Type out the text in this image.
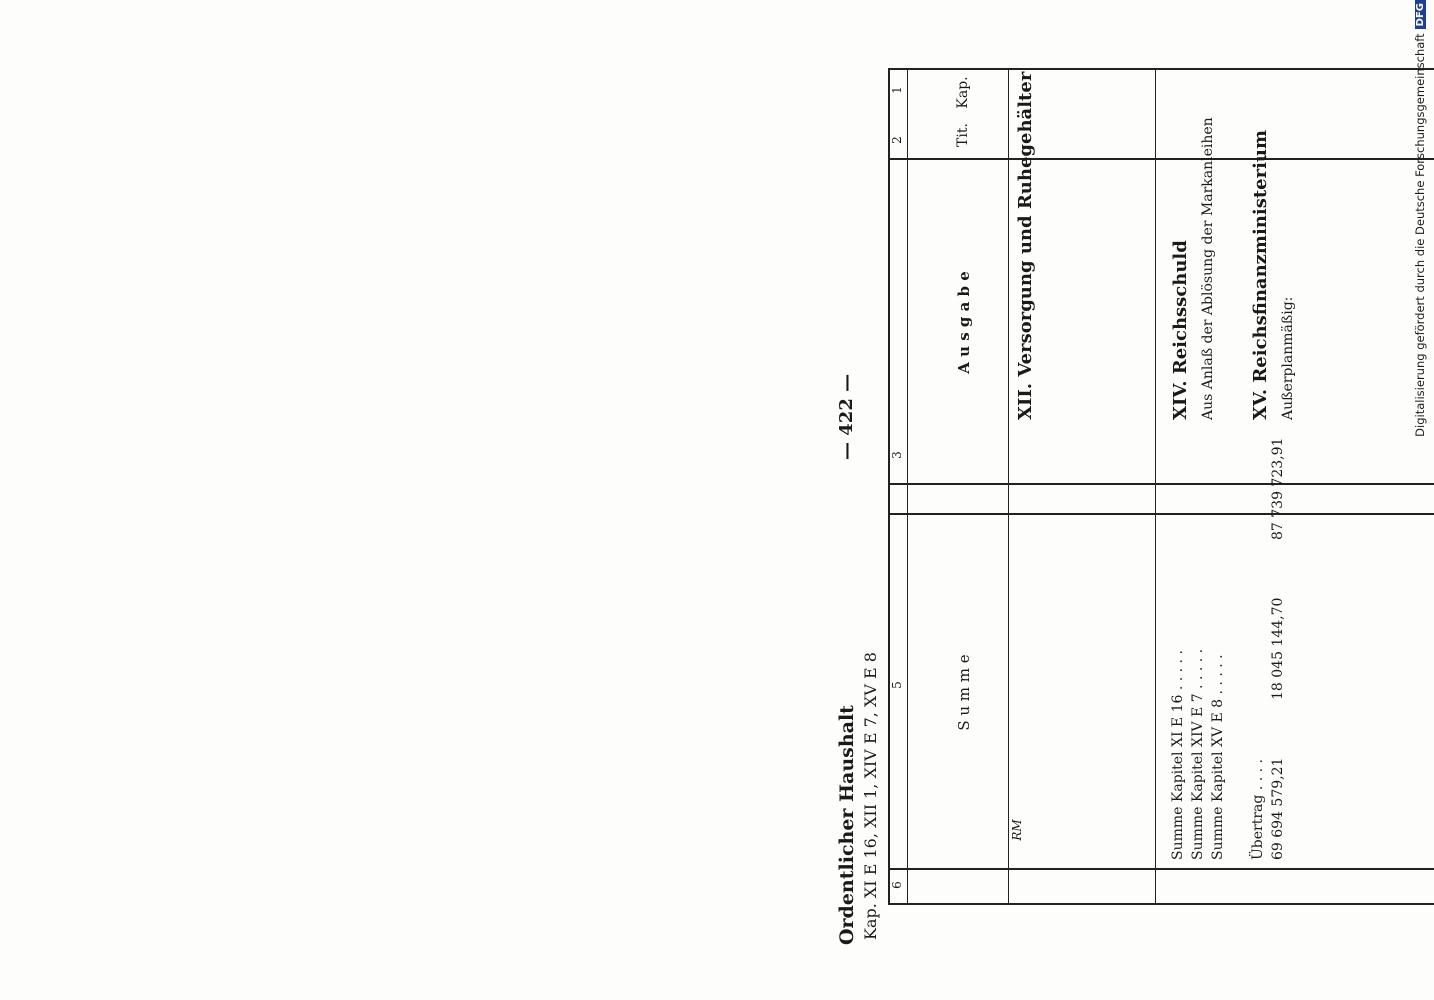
Ordentlicher Haushalt Kap. XI E 16, XII 1, XIV E 7, XV E 8
— 422 —
6
5
3
2
1
S u m m e
A u s g a b e
Tit.
Kap.
RM
XII. Versorgung und Ruhegehälter	XIV. Reichsschuld Aus Anlaß der Ablösung der Markanleihen XV. Reichsfinanzministerium Außerplanmäßig:
Summe Kapitel XI E 16 . . . . . Summe Kapitel XIV E 7 . . . . . Summe Kapitel XV E 8 . . . . . Übertrag . . . . 69 694 579,21
18 045 144,70
87 739 723,91
Digitalisierung gefördert durch die Deutsche Forschungsgemeinschaft
DFG
